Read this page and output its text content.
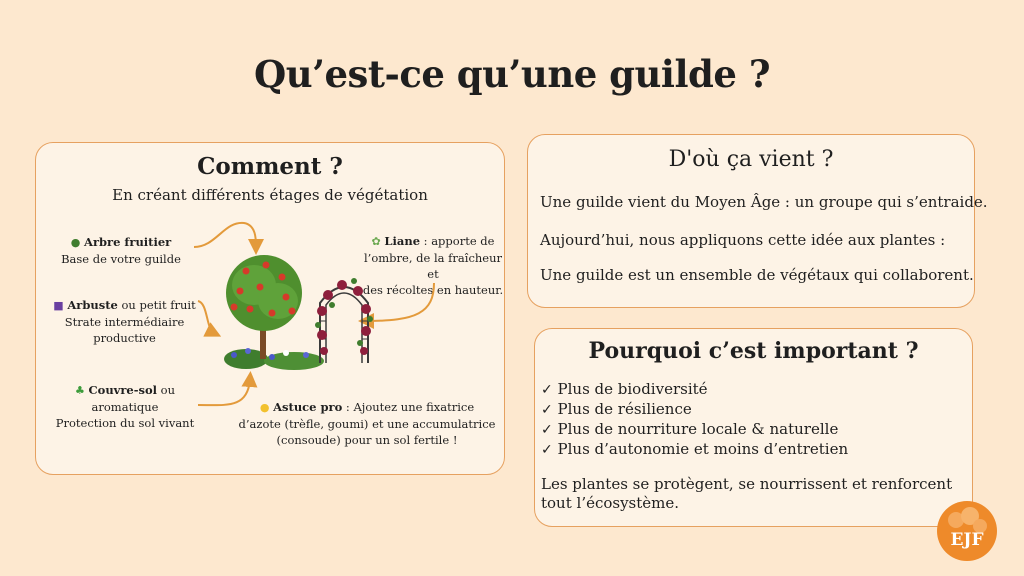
Qu’est-ce qu’une guilde ?
Comment ?
En créant différents étages de végétation
● Arbre fruitier
Base de votre guilde
■ Arbuste ou petit fruit
Strate intermédiaire
productive
♣ Couvre-sol ou
aromatique
Protection du sol vivant
✿ Liane : apporte de
l’ombre, de la fraîcheur et
des récoltes en hauteur.
● Astuce pro : Ajoutez une fixatrice
d’azote (trèfle, goumi) et une accumulatrice
(consoude) pour un sol fertile !
D'où ça vient ?
Une guilde vient du Moyen Âge : un groupe qui s’entraide.
Aujourd’hui, nous appliquons cette idée aux plantes :
Une guilde est un ensemble de végétaux qui collaborent.
Pourquoi c’est important ?
✓ Plus de biodiversité
✓ Plus de résilience
✓ Plus de nourriture locale & naturelle
✓ Plus d’autonomie et moins d’entretien
Les plantes se protègent, se nourrissent et renforcent tout l’écosystème.
EJF
